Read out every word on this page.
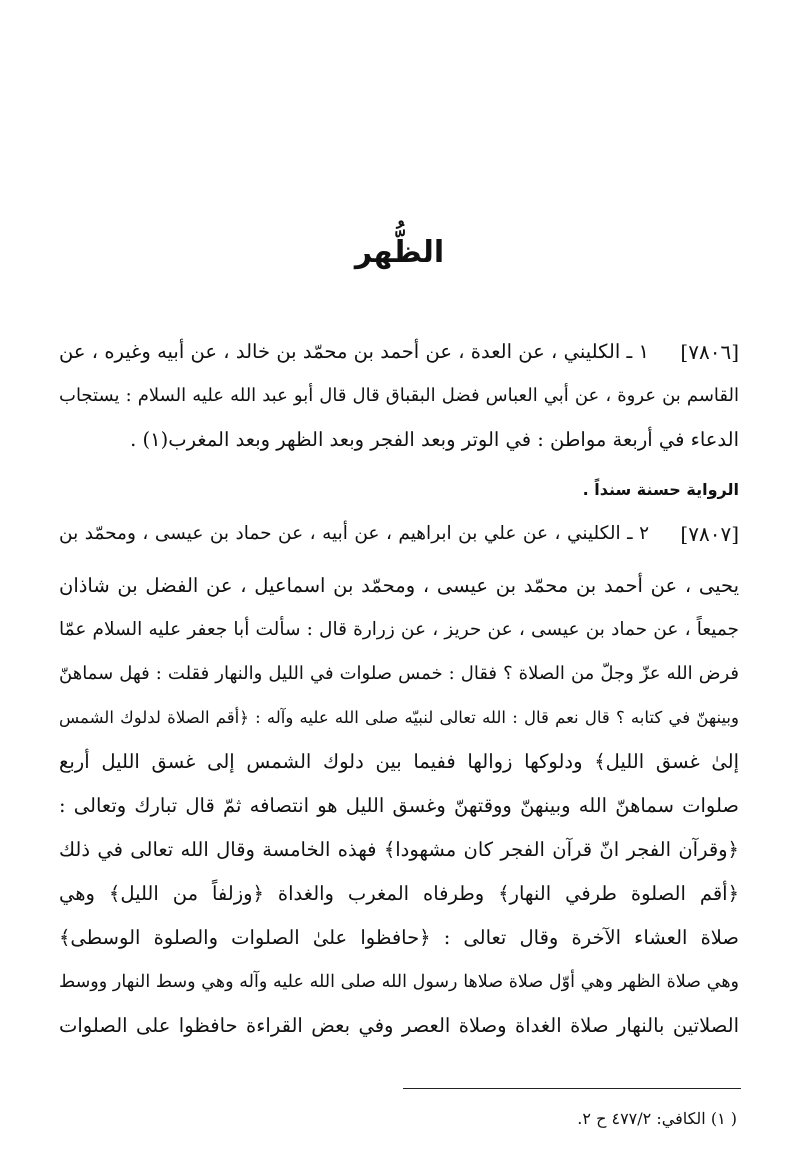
الظُّهر
[٧٨٠٦]
١ ـ الكليني ، عن العدة ، عن أحمد بن محمّد بن خالد ، عن أبيه وغيره ، عن
القاسم بن عروة ، عن أبي العباس فضل البقباق قال قال أبو عبد الله عليه السلام : يستجاب
الدعاء في أربعة مواطن : في الوتر وبعد الفجر وبعد الظهر وبعد المغرب(١) .
الرواية حسنة سنداً .
[٧٨٠٧]
٢ ـ الكليني ، عن علي بن ابراهيم ، عن أبيه ، عن حماد بن عيسى ، ومحمّد بن
يحيى ، عن أحمد بن محمّد بن عيسى ، ومحمّد بن اسماعيل ، عن الفضل بن شاذان
جميعاً ، عن حماد بن عيسى ، عن حريز ، عن زرارة قال : سألت أبا جعفر عليه السلام عمّا
فرض الله عزّ وجلّ من الصلاة ؟ فقال : خمس صلوات في الليل والنهار فقلت : فهل سماهنّ
وبينهنّ في كتابه ؟ قال نعم قال : الله تعالى لنبيّه صلى الله عليه وآله : ﴿أقم الصلاة لدلوك الشمس
إلىٰ غسق الليل﴾ ودلوكها زوالها ففيما بين دلوك الشمس إلى غسق الليل أربع
صلوات سماهنّ الله وبينهنّ ووقتهنّ وغسق الليل هو انتصافه ثمّ قال تبارك وتعالى :
﴿وقرآن الفجر انّ قرآن الفجر كان مشهودا﴾ فهذه الخامسة وقال الله تعالى في ذلك
﴿أقم الصلوة طرفي النهار﴾ وطرفاه المغرب والغداة ﴿وزلفاً من الليل﴾ وهي
صلاة العشاء الآخرة وقال تعالى : ﴿حافظوا علىٰ الصلوات والصلوة الوسطى﴾
وهي صلاة الظهر وهي أوّل صلاة صلاها رسول الله صلى الله عليه وآله وهي وسط النهار ووسط
الصلاتين بالنهار صلاة الغداة وصلاة العصر وفي بعض القراءة حافظوا على الصلوات
( ١) الكافي: ٤٧٧/٢ ح ٢.
